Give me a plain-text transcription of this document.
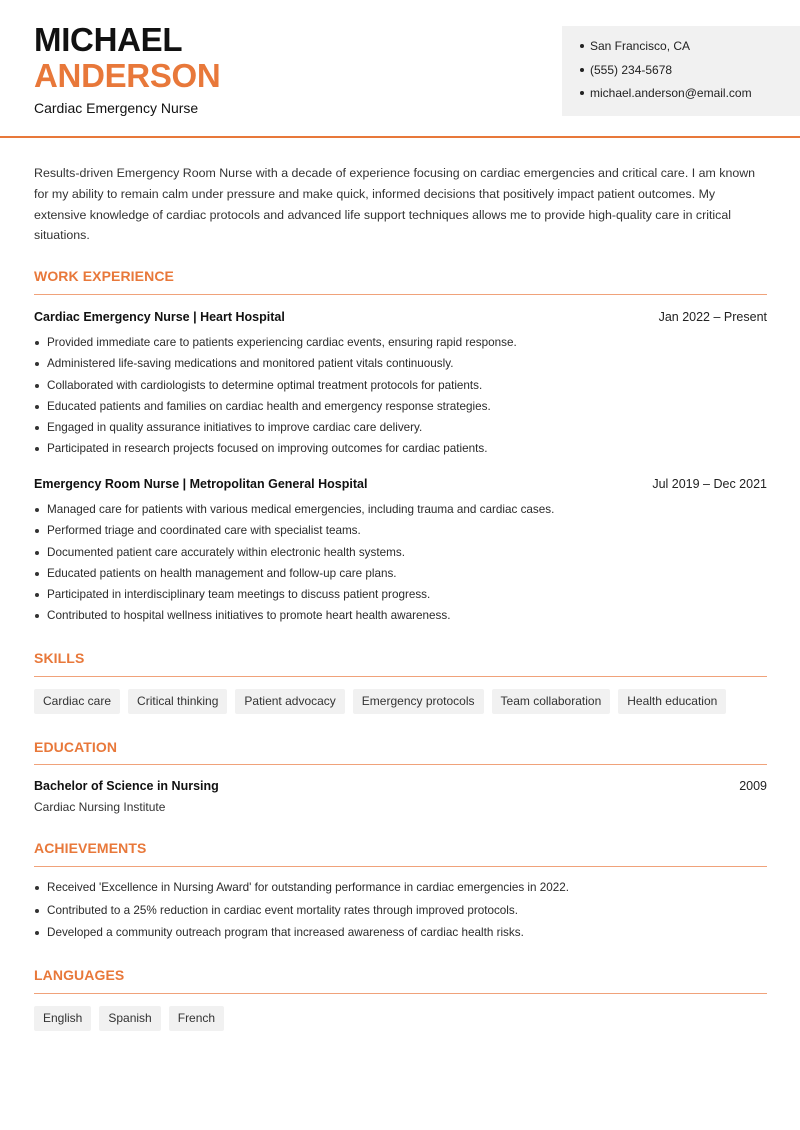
MICHAEL
ANDERSON
Cardiac Emergency Nurse
San Francisco, CA
(555) 234-5678
michael.anderson@email.com
Results-driven Emergency Room Nurse with a decade of experience focusing on cardiac emergencies and critical care. I am known for my ability to remain calm under pressure and make quick, informed decisions that positively impact patient outcomes. My extensive knowledge of cardiac protocols and advanced life support techniques allows me to provide high-quality care in critical situations.
WORK EXPERIENCE
Cardiac Emergency Nurse | Heart Hospital	Jan 2022 – Present
Provided immediate care to patients experiencing cardiac events, ensuring rapid response.
Administered life-saving medications and monitored patient vitals continuously.
Collaborated with cardiologists to determine optimal treatment protocols for patients.
Educated patients and families on cardiac health and emergency response strategies.
Engaged in quality assurance initiatives to improve cardiac care delivery.
Participated in research projects focused on improving outcomes for cardiac patients.
Emergency Room Nurse | Metropolitan General Hospital	Jul 2019 – Dec 2021
Managed care for patients with various medical emergencies, including trauma and cardiac cases.
Performed triage and coordinated care with specialist teams.
Documented patient care accurately within electronic health systems.
Educated patients on health management and follow-up care plans.
Participated in interdisciplinary team meetings to discuss patient progress.
Contributed to hospital wellness initiatives to promote heart health awareness.
SKILLS
Cardiac care	Critical thinking	Patient advocacy	Emergency protocols	Team collaboration	Health education
EDUCATION
Bachelor of Science in Nursing	2009
Cardiac Nursing Institute
ACHIEVEMENTS
Received 'Excellence in Nursing Award' for outstanding performance in cardiac emergencies in 2022.
Contributed to a 25% reduction in cardiac event mortality rates through improved protocols.
Developed a community outreach program that increased awareness of cardiac health risks.
LANGUAGES
English	Spanish	French
